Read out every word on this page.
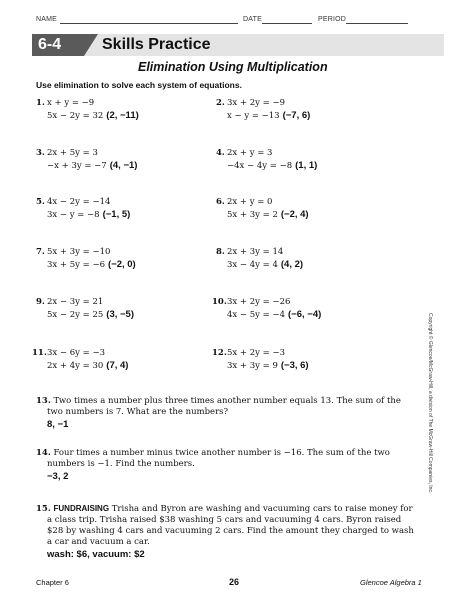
NAME	DATE	PERIOD
6-4	Skills Practice
Elimination Using Multiplication
Use elimination to solve each system of equations.
1. x + y = −9
5x − 2y = 32 (2, −11)
2. 3x + 2y = −9
x − y = −13 (−7, 6)
3. 2x + 5y = 3
−x + 3y = −7 (4, −1)
4. 2x + y = 3
−4x − 4y = −8 (1, 1)
5. 4x − 2y = −14
3x − y = −8 (−1, 5)
6. 2x + y = 0
5x + 3y = 2 (−2, 4)
7. 5x + 3y = −10
3x + 5y = −6 (−2, 0)
8. 2x + 3y = 14
3x − 4y = 4 (4, 2)
9. 2x − 3y = 21
5x − 2y = 25 (3, −5)
10.3x + 2y = −26
4x − 5y = −4 (−6, −4)
11.3x − 6y = −3
2x + 4y = 30 (7, 4)
12.5x + 2y = −3
3x + 3y = 9 (−3, 6)
13. Two times a number plus three times another number equals 13. The sum of the two numbers is 7. What are the numbers?
8, −1
14. Four times a number minus twice another number is −16. The sum of the two numbers is −1. Find the numbers.
−3, 2
15. FUNDRAISING Trisha and Byron are washing and vacuuming cars to raise money for a class trip. Trisha raised $38 washing 5 cars and vacuuming 4 cars. Byron raised $28 by washing 4 cars and vacuuming 2 cars. Find the amount they charged to wash a car and vacuum a car.
wash: $6, vacuum: $2
Copyright © Glencoe/McGraw-Hill, a division of The McGraw-Hill Companies, Inc.
Chapter 6	26	Glencoe Algebra 1
